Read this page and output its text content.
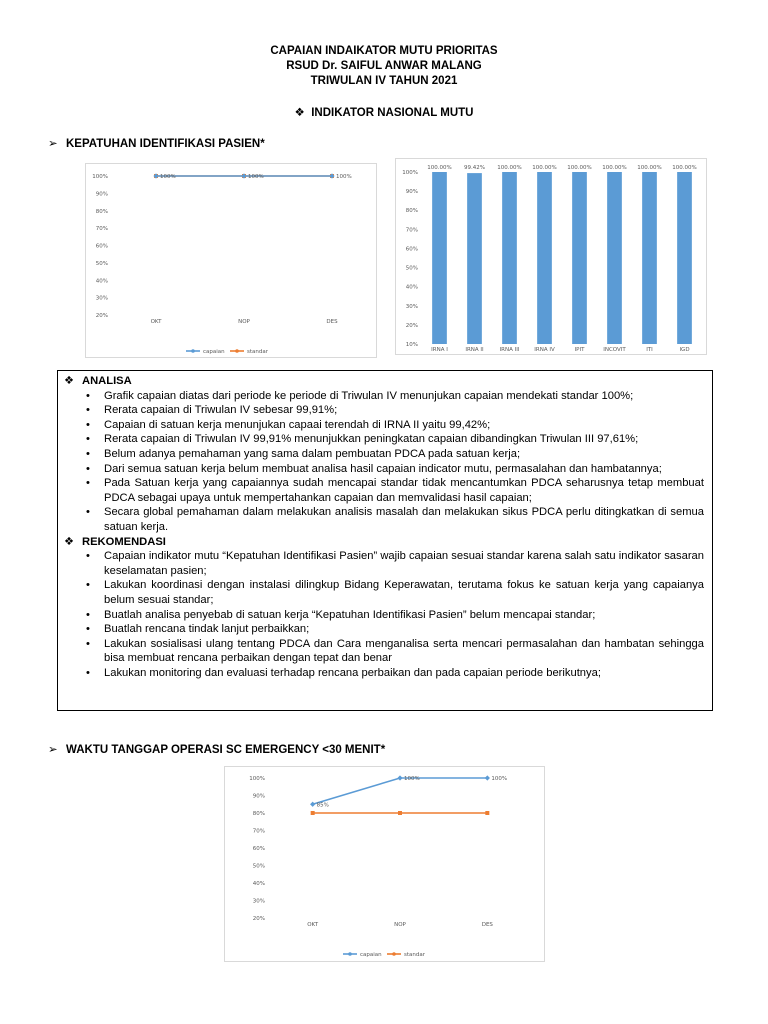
CAPAIAN INDAIKATOR MUTU PRIORITAS
RSUD Dr. SAIFUL ANWAR MALANG
TRIWULAN IV TAHUN 2021
❖ INDIKATOR NASIONAL MUTU
➢ KEPATUHAN IDENTIFIKASI PASIEN*
20%
30%
40%
50%
60%
70%
80%
90%
100%
OKT	NOP	DES
100%	100%	100%
capaian	standar
10%
20%
30%
40%
50%
60%
70%
80%
90%
100%
100.00%
IRNA I
99.42%
IRNA II
100.00%
IRNA III
100.00%
IRNA IV
100.00%
IPIT
100.00%
INCOVIT
100.00%
ITI
100.00%
IGD
❖ ANALISA
• Grafik capaian diatas dari periode ke periode di Triwulan IV menunjukan capaian mendekati standar 100%;
• Rerata capaian di Triwulan IV sebesar 99,91%;
• Capaian di satuan kerja menunjukan capaai terendah di IRNA II yaitu 99,42%;
• Rerata capaian di Triwulan IV 99,91% menunjukkan peningkatan capaian dibandingkan Triwulan III 97,61%;
• Belum adanya pemahaman yang sama dalam pembuatan PDCA pada satuan kerja;
• Dari semua satuan kerja belum membuat analisa hasil capaian indicator mutu, permasalahan dan hambatannya;
• Pada Satuan kerja yang capaiannya sudah mencapai standar tidak mencantumkan PDCA seharusnya tetap membuat PDCA sebagai upaya untuk mempertahankan capaian dan memvalidasi hasil capaian;
• Secara global pemahaman dalam melakukan analisis masalah dan melakukan sikus PDCA perlu ditingkatkan di semua satuan kerja.
❖ REKOMENDASI
• Capaian indikator mutu “Kepatuhan Identifikasi Pasien” wajib capaian sesuai standar karena salah satu indikator sasaran keselamatan pasien;
• Lakukan koordinasi dengan instalasi dilingkup Bidang Keperawatan, terutama fokus ke satuan kerja yang capaianya belum sesuai standar;
• Buatlah analisa penyebab di satuan kerja “Kepatuhan Identifikasi Pasien” belum mencapai standar;
• Buatlah rencana tindak lanjut perbaikkan;
• Lakukan sosialisasi ulang tentang PDCA dan Cara menganalisa serta mencari permasalahan dan hambatan sehingga bisa membuat rencana perbaikan dengan tepat dan benar
• Lakukan monitoring dan evaluasi terhadap rencana perbaikan dan pada capaian periode berikutnya;
➢ WAKTU TANGGAP OPERASI SC EMERGENCY <30 MENIT*
20%
30%
40%
50%
60%
70%
80%
90%
100%
OKT	NOP	DES
85%
100%	100%
capaian	standar
